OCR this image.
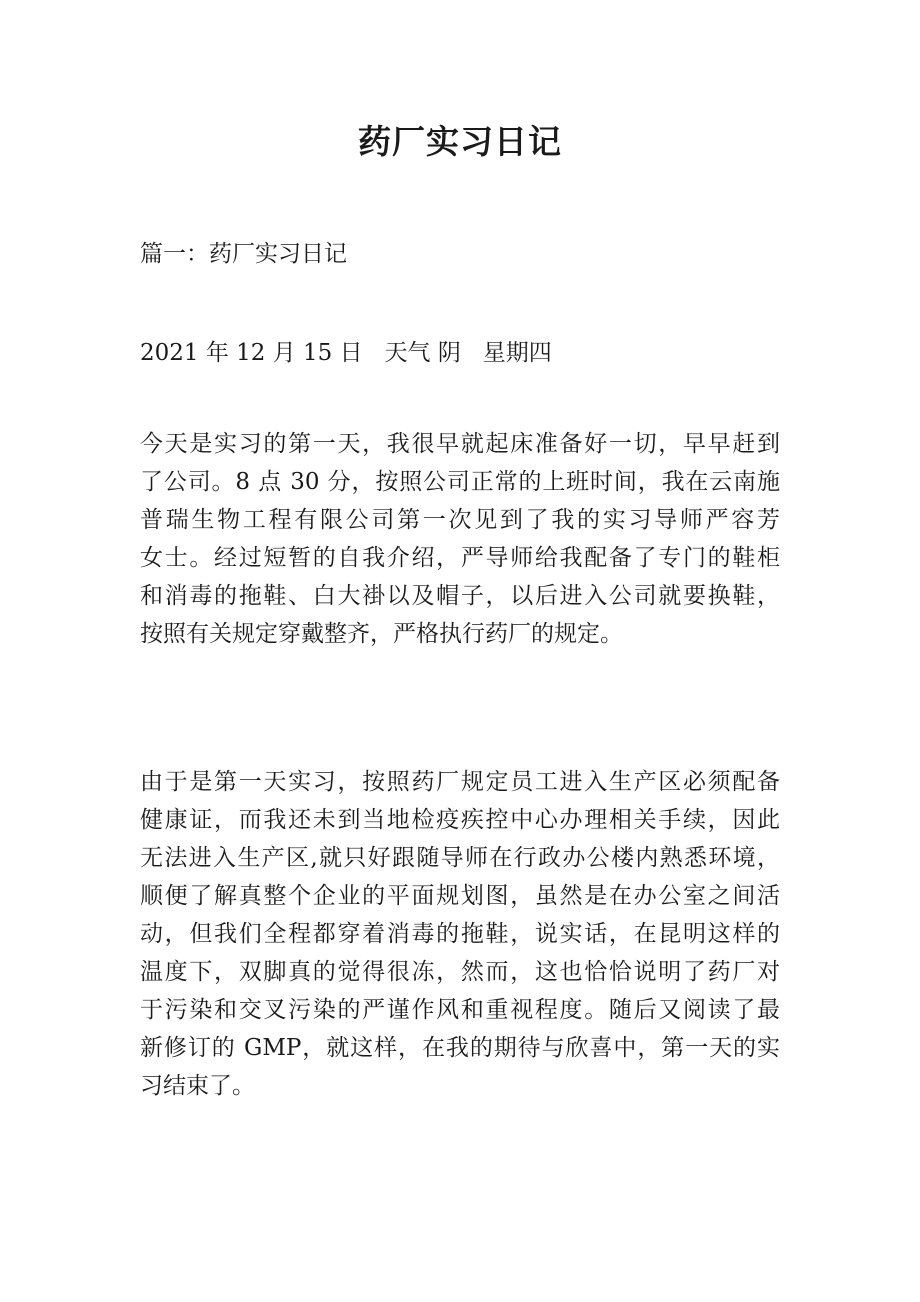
药厂实习日记
篇一：药厂实习日记
2021 年 12 月 15 日   天气 阴   星期四
今天是实习的第一天，我很早就起床准备好一切，早早赶到
了公司。8 点 30 分，按照公司正常的上班时间，我在云南施
普瑞生物工程有限公司第一次见到了我的实习导师严容芳
女士。经过短暂的自我介绍，严导师给我配备了专门的鞋柜
和消毒的拖鞋、白大褂以及帽子，以后进入公司就要换鞋，
按照有关规定穿戴整齐，严格执行药厂的规定。
由于是第一天实习，按照药厂规定员工进入生产区必须配备
健康证，而我还未到当地检疫疾控中心办理相关手续，因此
无法进入生产区,就只好跟随导师在行政办公楼内熟悉环境，
顺便了解真整个企业的平面规划图，虽然是在办公室之间活
动，但我们全程都穿着消毒的拖鞋，说实话，在昆明这样的
温度下，双脚真的觉得很冻，然而，这也恰恰说明了药厂对
于污染和交叉污染的严谨作风和重视程度。随后又阅读了最
新修订的 GMP，就这样，在我的期待与欣喜中，第一天的实
习结束了。
